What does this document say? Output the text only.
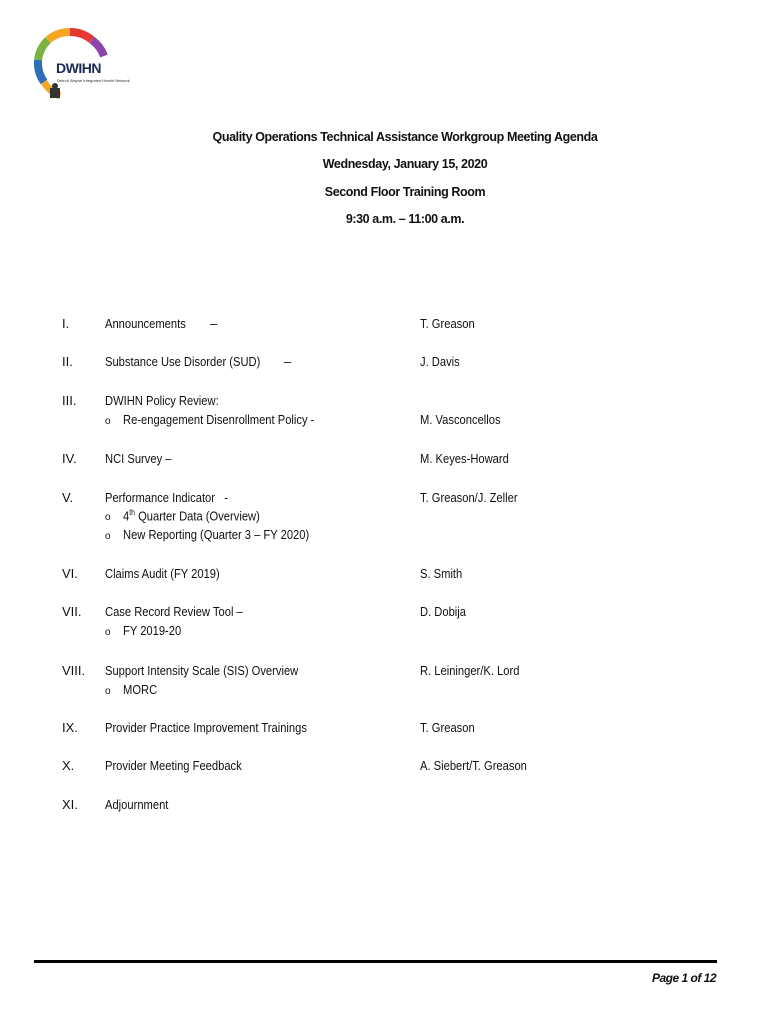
DWIHN
Detroit Wayne Integrated Health Network
Quality Operations Technical Assistance Workgroup Meeting Agenda
Wednesday, January 15, 2020
Second Floor Training Room
9:30 a.m. – 11:00 a.m.
I.	Announcements –	T. Greason
II. Substance Use Disorder (SUD) –	J. Davis
III. DWIHN Policy Review:
o Re-engagement Disenrollment Policy -	M. Vasconcellos
IV. NCI Survey –	M. Keyes-Howard
V. Performance Indicator   -	T. Greason/J. Zeller
o 4th Quarter Data (Overview)
o New Reporting (Quarter 3 – FY 2020)
VI. Claims Audit (FY 2019)	S. Smith
VII. Case Record Review Tool –	D. Dobija
o FY 2019-20
VIII. Support Intensity Scale (SIS) Overview	R. Leininger/K. Lord
o MORC
IX. Provider Practice Improvement Trainings	T. Greason
X. Provider Meeting Feedback	A. Siebert/T. Greason
XI. Adjournment
Page 1 of 12
